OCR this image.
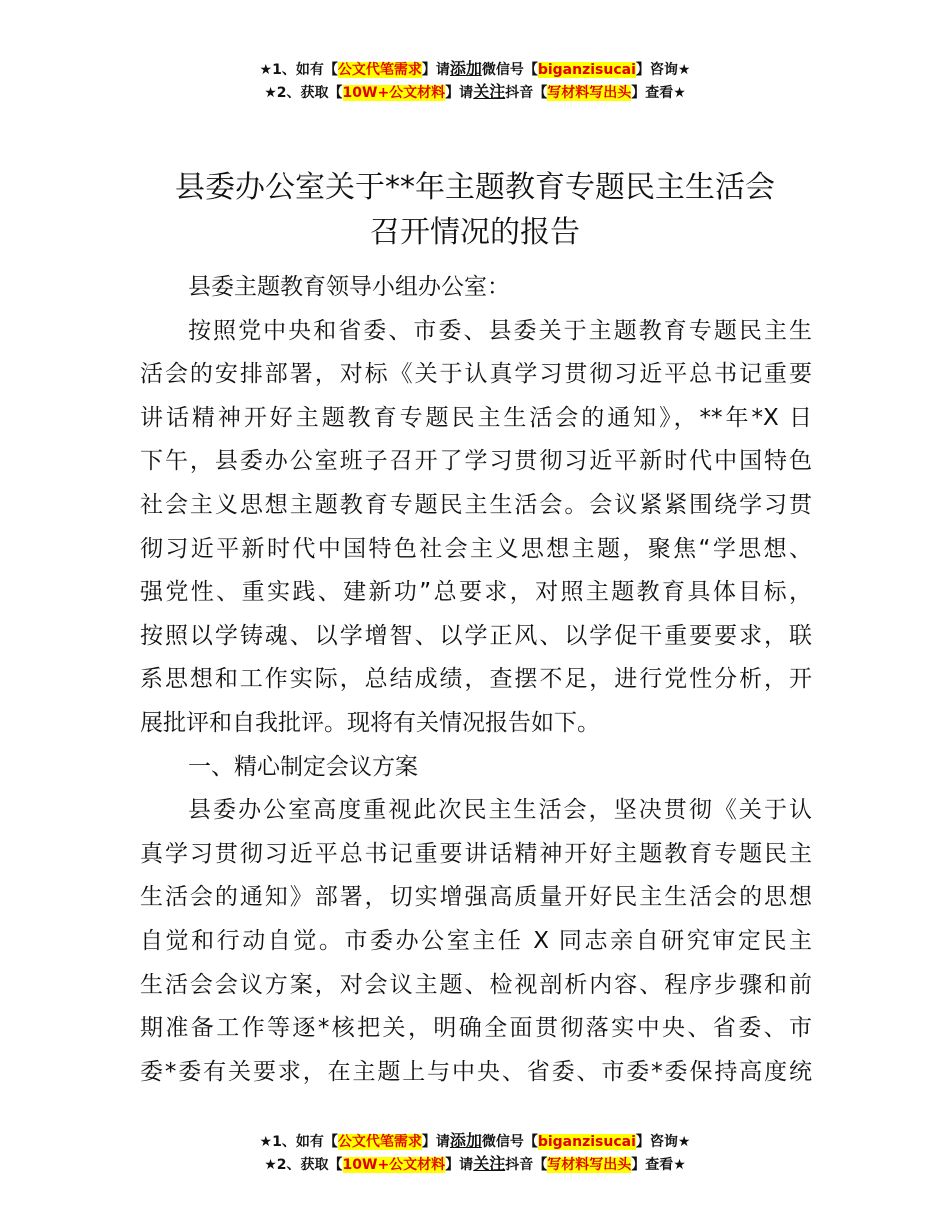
★1、如有【公文代笔需求】请添加微信号【biganzisucai】咨询★
★2、获取【10W+公文材料】请关注抖音【写材料写出头】查看★
县委办公室关于**年主题教育专题民主生活会
召开情况的报告
县委主题教育领导小组办公室：
按照党中央和省委、市委、县委关于主题教育专题民主生
活会的安排部署，对标《关于认真学习贯彻习近平总书记重要
讲话精神开好主题教育专题民主生活会的通知》，**年*X 日
下午，县委办公室班子召开了学习贯彻习近平新时代中国特色
社会主义思想主题教育专题民主生活会。会议紧紧围绕学习贯
彻习近平新时代中国特色社会主义思想主题，聚焦“学思想、
强党性、重实践、建新功”总要求，对照主题教育具体目标，
按照以学铸魂、以学增智、以学正风、以学促干重要要求，联
系思想和工作实际，总结成绩，查摆不足，进行党性分析，开
展批评和自我批评。现将有关情况报告如下。
一、精心制定会议方案
县委办公室高度重视此次民主生活会，坚决贯彻《关于认
真学习贯彻习近平总书记重要讲话精神开好主题教育专题民主
生活会的通知》部署，切实增强高质量开好民主生活会的思想
自觉和行动自觉。市委办公室主任 X 同志亲自研究审定民主
生活会会议方案，对会议主题、检视剖析内容、程序步骤和前
期准备工作等逐*核把关，明确全面贯彻落实中央、省委、市
委*委有关要求，在主题上与中央、省委、市委*委保持高度统
★1、如有【公文代笔需求】请添加微信号【biganzisucai】咨询★
★2、获取【10W+公文材料】请关注抖音【写材料写出头】查看★
